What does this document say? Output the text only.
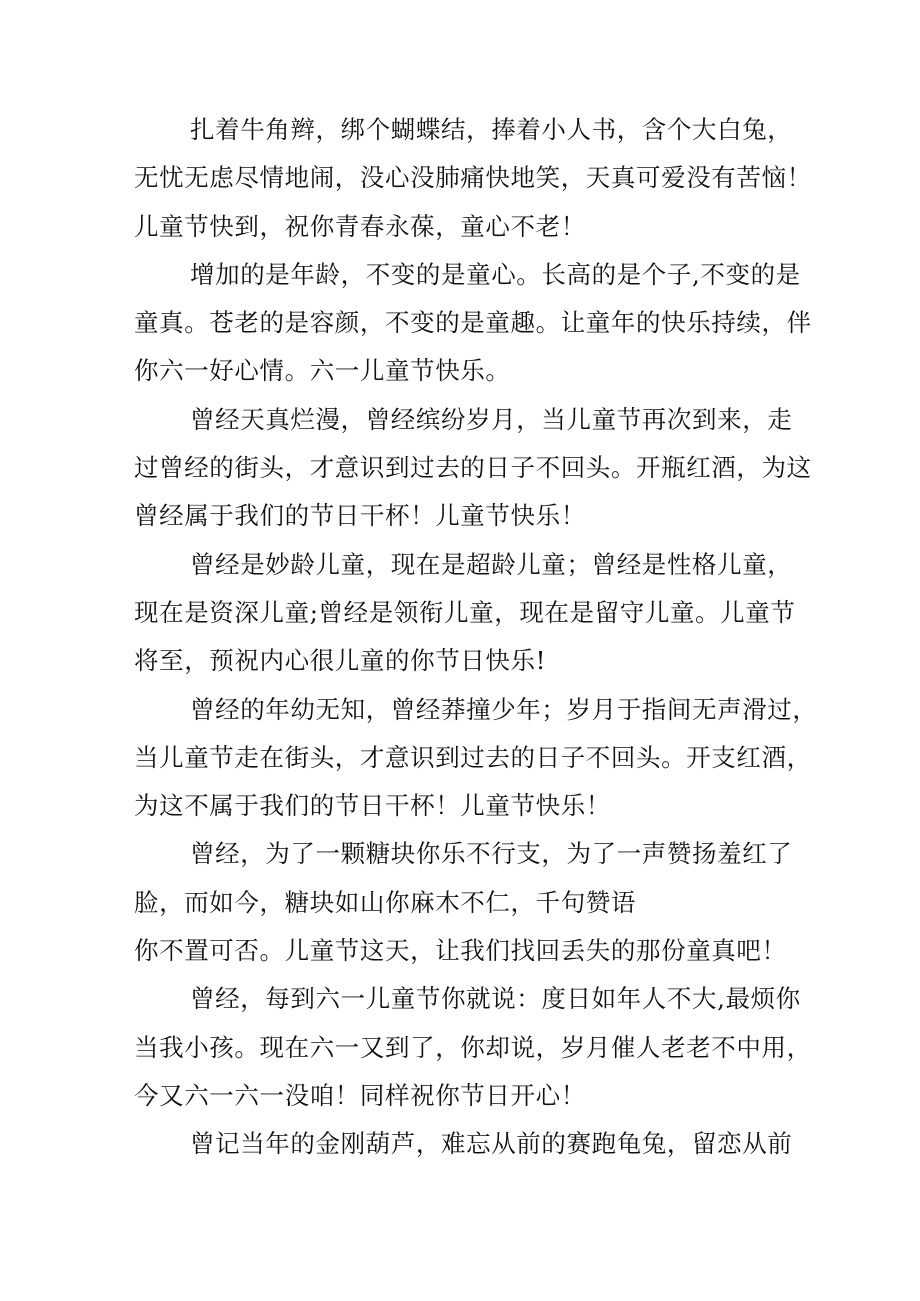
扎着牛角辫，绑个蝴蝶结，捧着小人书，含个大白兔，
无忧无虑尽情地闹，没心没肺痛快地笑，天真可爱没有苦恼！
儿童节快到，祝你青春永葆，童心不老！
增加的是年龄，不变的是童心。长高的是个子,不变的是
童真。苍老的是容颜，不变的是童趣。让童年的快乐持续，伴
你六一好心情。六一儿童节快乐。
曾经天真烂漫，曾经缤纷岁月，当儿童节再次到来，走
过曾经的街头，才意识到过去的日子不回头。开瓶红酒，为这
曾经属于我们的节日干杯！儿童节快乐！
曾经是妙龄儿童，现在是超龄儿童；曾经是性格儿童，
现在是资深儿童;曾经是领衔儿童，现在是留守儿童。儿童节
将至，预祝内心很儿童的你节日快乐!
曾经的年幼无知，曾经莽撞少年；岁月于指间无声滑过，
当儿童节走在街头，才意识到过去的日子不回头。开支红酒，
为这不属于我们的节日干杯！儿童节快乐！
曾经，为了一颗糖块你乐不行支，为了一声赞扬羞红了
脸，而如今，糖块如山你麻木不仁，千句赞语
你不置可否。儿童节这天，让我们找回丢失的那份童真吧！
曾经，每到六一儿童节你就说：度日如年人不大,最烦你
当我小孩。现在六一又到了，你却说，岁月催人老老不中用，
今又六一六一没咱！同样祝你节日开心！
曾记当年的金刚葫芦，难忘从前的赛跑龟兔，留恋从前
